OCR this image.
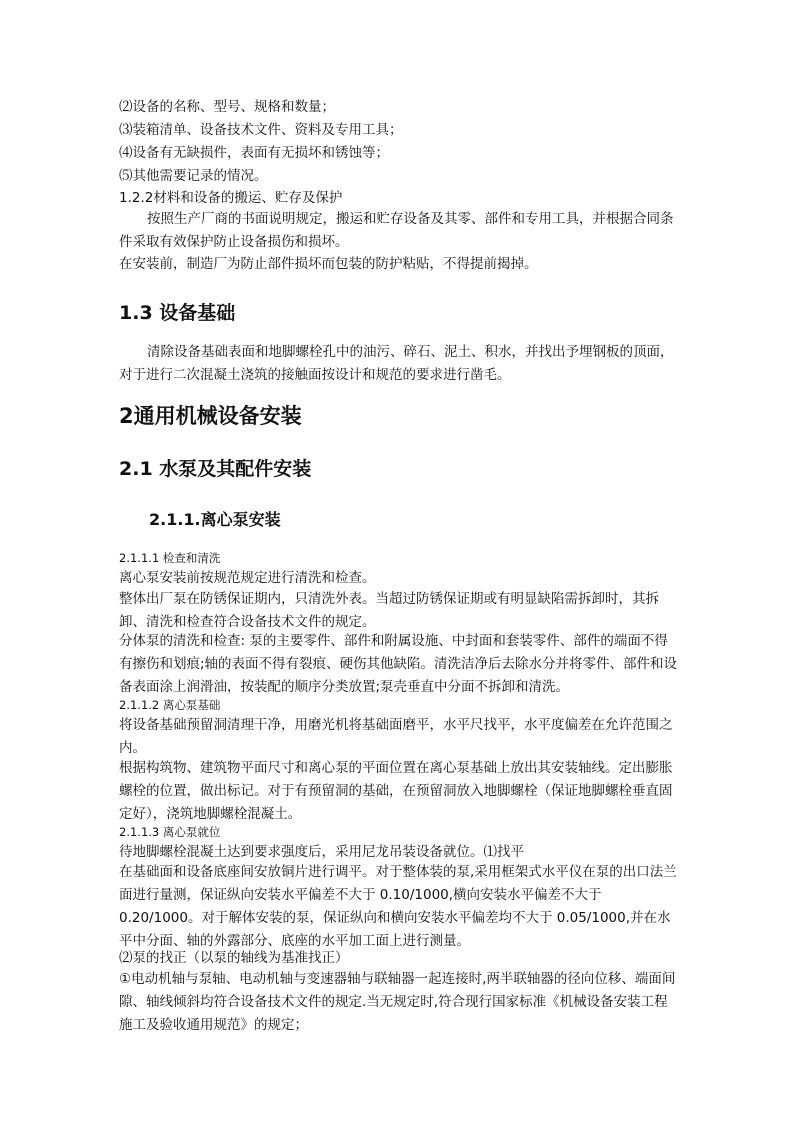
⑵设备的名称、型号、规格和数量；
⑶装箱清单、设备技术文件、资料及专用工具；
⑷设备有无缺损件，表面有无损坏和锈蚀等；
⑸其他需要记录的情况。
1.2.2材料和设备的搬运、贮存及保护
按照生产厂商的书面说明规定，搬运和贮存设备及其零、部件和专用工具，并根据合同条件采取有效保护防止设备损伤和损坏。
在安装前，制造厂为防止部件损坏而包装的防护粘贴，不得提前揭掉。
1.3 设备基础
清除设备基础表面和地脚螺栓孔中的油污、碎石、泥土、积水，并找出予埋钢板的顶面，对于进行二次混凝土浇筑的接触面按设计和规范的要求进行凿毛。
2通用机械设备安装
2.1 水泵及其配件安装
2.1.1.离心泵安装
2.1.1.1 检查和清洗
离心泵安装前按规范规定进行清洗和检查。
整体出厂泵在防锈保证期内，只清洗外表。当超过防锈保证期或有明显缺陷需拆卸时，其拆卸、清洗和检查符合设备技术文件的规定。
分体泵的清洗和检查: 泵的主要零件、部件和附属设施、中封面和套装零件、部件的端面不得有擦伤和划痕;轴的表面不得有裂痕、硬伤其他缺陷。清洗洁净后去除水分并将零件、部件和设备表面涂上润滑油，按装配的顺序分类放置;泵壳垂直中分面不拆卸和清洗。
2.1.1.2 离心泵基础
将设备基础预留洞清理干净，用磨光机将基础面磨平，水平尺找平，水平度偏差在允许范围之内。
根据构筑物、建筑物平面尺寸和离心泵的平面位置在离心泵基础上放出其安装轴线。定出膨胀螺栓的位置，做出标记。对于有预留洞的基础，在预留洞放入地脚螺栓（保证地脚螺栓垂直固定好），浇筑地脚螺栓混凝土。
2.1.1.3 离心泵就位
待地脚螺栓混凝土达到要求强度后，采用尼龙吊装设备就位。⑴找平
在基础面和设备底座间安放铜片进行调平。对于整体装的泵,采用框架式水平仪在泵的出口法兰面进行量测，保证纵向安装水平偏差不大于 0.10/1000,横向安装水平偏差不大于 0.20/1000。对于解体安装的泵，保证纵向和横向安装水平偏差均不大于 0.05/1000,并在水平中分面、轴的外露部分、底座的水平加工面上进行测量。
⑵泵的找正（以泵的轴线为基准找正）
①电动机轴与泵轴、电动机轴与变速器轴与联轴器一起连接时,两半联轴器的径向位移、端面间隙、轴线倾斜均符合设备技术文件的规定.当无规定时,符合现行国家标准《机械设备安装工程施工及验收通用规范》的规定；
